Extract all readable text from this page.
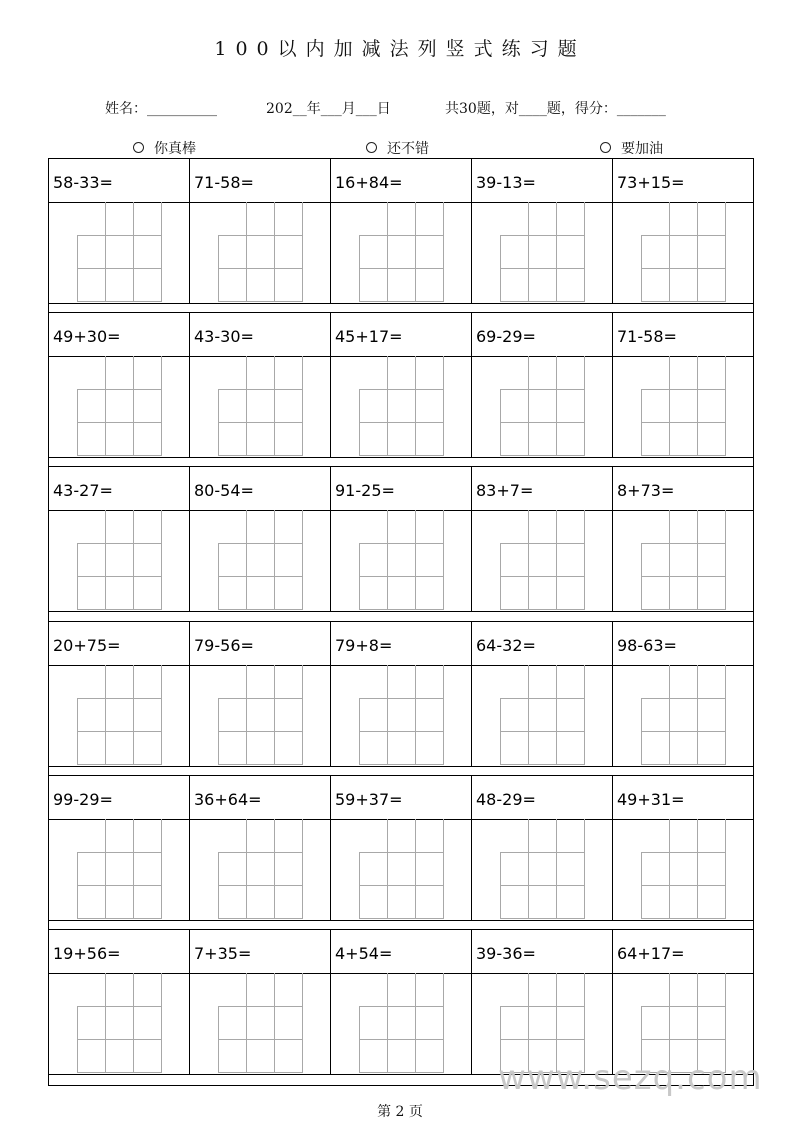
100以内加减法列竖式练习题
姓名：__________	202__年___月___日	共30题，对____题，得分：_______
你真棒	还不错	要加油
58-33=	71-58=	16+84=	39-13=	73+15=
49+30=	43-30=	45+17=	69-29=	71-58=
43-27=	80-54=	91-25=	83+7=	8+73=
20+75=	79-56=	79+8=	64-32=	98-63=
99-29=	36+64=	59+37=	48-29=	49+31=
19+56=	7+35=	4+54=	39-36=	64+17=
第 2 页
www.sezq.com
